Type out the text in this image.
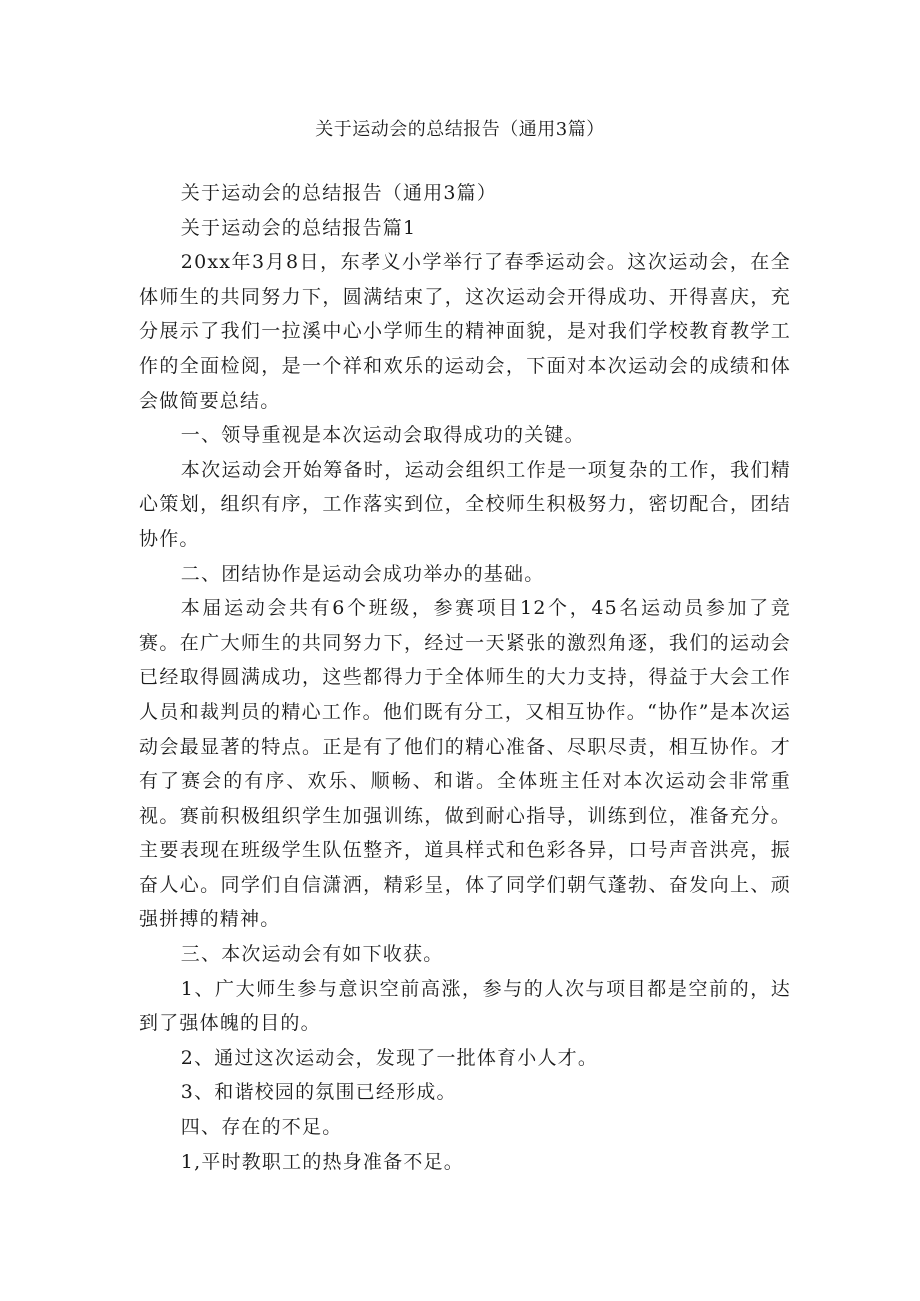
关于运动会的总结报告（通用3篇）

关于运动会的总结报告（通用3篇）

关于运动会的总结报告篇1

20xx年3月8日，东孝义小学举行了春季运动会。这次运动会，在全体师生的共同努力下，圆满结束了，这次运动会开得成功、开得喜庆，充分展示了我们一拉溪中心小学师生的精神面貌，是对我们学校教育教学工作的全面检阅，是一个祥和欢乐的运动会，下面对本次运动会的成绩和体会做简要总结。

一、领导重视是本次运动会取得成功的关键。

本次运动会开始筹备时，运动会组织工作是一项复杂的工作，我们精心策划，组织有序，工作落实到位，全校师生积极努力，密切配合，团结协作。

二、团结协作是运动会成功举办的基础。

本届运动会共有6个班级，参赛项目12个，45名运动员参加了竞赛。在广大师生的共同努力下，经过一天紧张的激烈角逐，我们的运动会已经取得圆满成功，这些都得力于全体师生的大力支持，得益于大会工作人员和裁判员的精心工作。他们既有分工，又相互协作。“协作”是本次运动会最显著的特点。正是有了他们的精心准备、尽职尽责，相互协作。才有了赛会的有序、欢乐、顺畅、和谐。全体班主任对本次运动会非常重视。赛前积极组织学生加强训练，做到耐心指导，训练到位，准备充分。主要表现在班级学生队伍整齐，道具样式和色彩各异，口号声音洪亮，振奋人心。同学们自信潇洒，精彩呈，体了同学们朝气蓬勃、奋发向上、顽强拼搏的精神。

三、本次运动会有如下收获。

1、广大师生参与意识空前高涨，参与的人次与项目都是空前的，达到了强体魄的目的。

2、通过这次运动会，发现了一批体育小人才。

3、和谐校园的氛围已经形成。

四、存在的不足。

1,平时教职工的热身准备不足。
